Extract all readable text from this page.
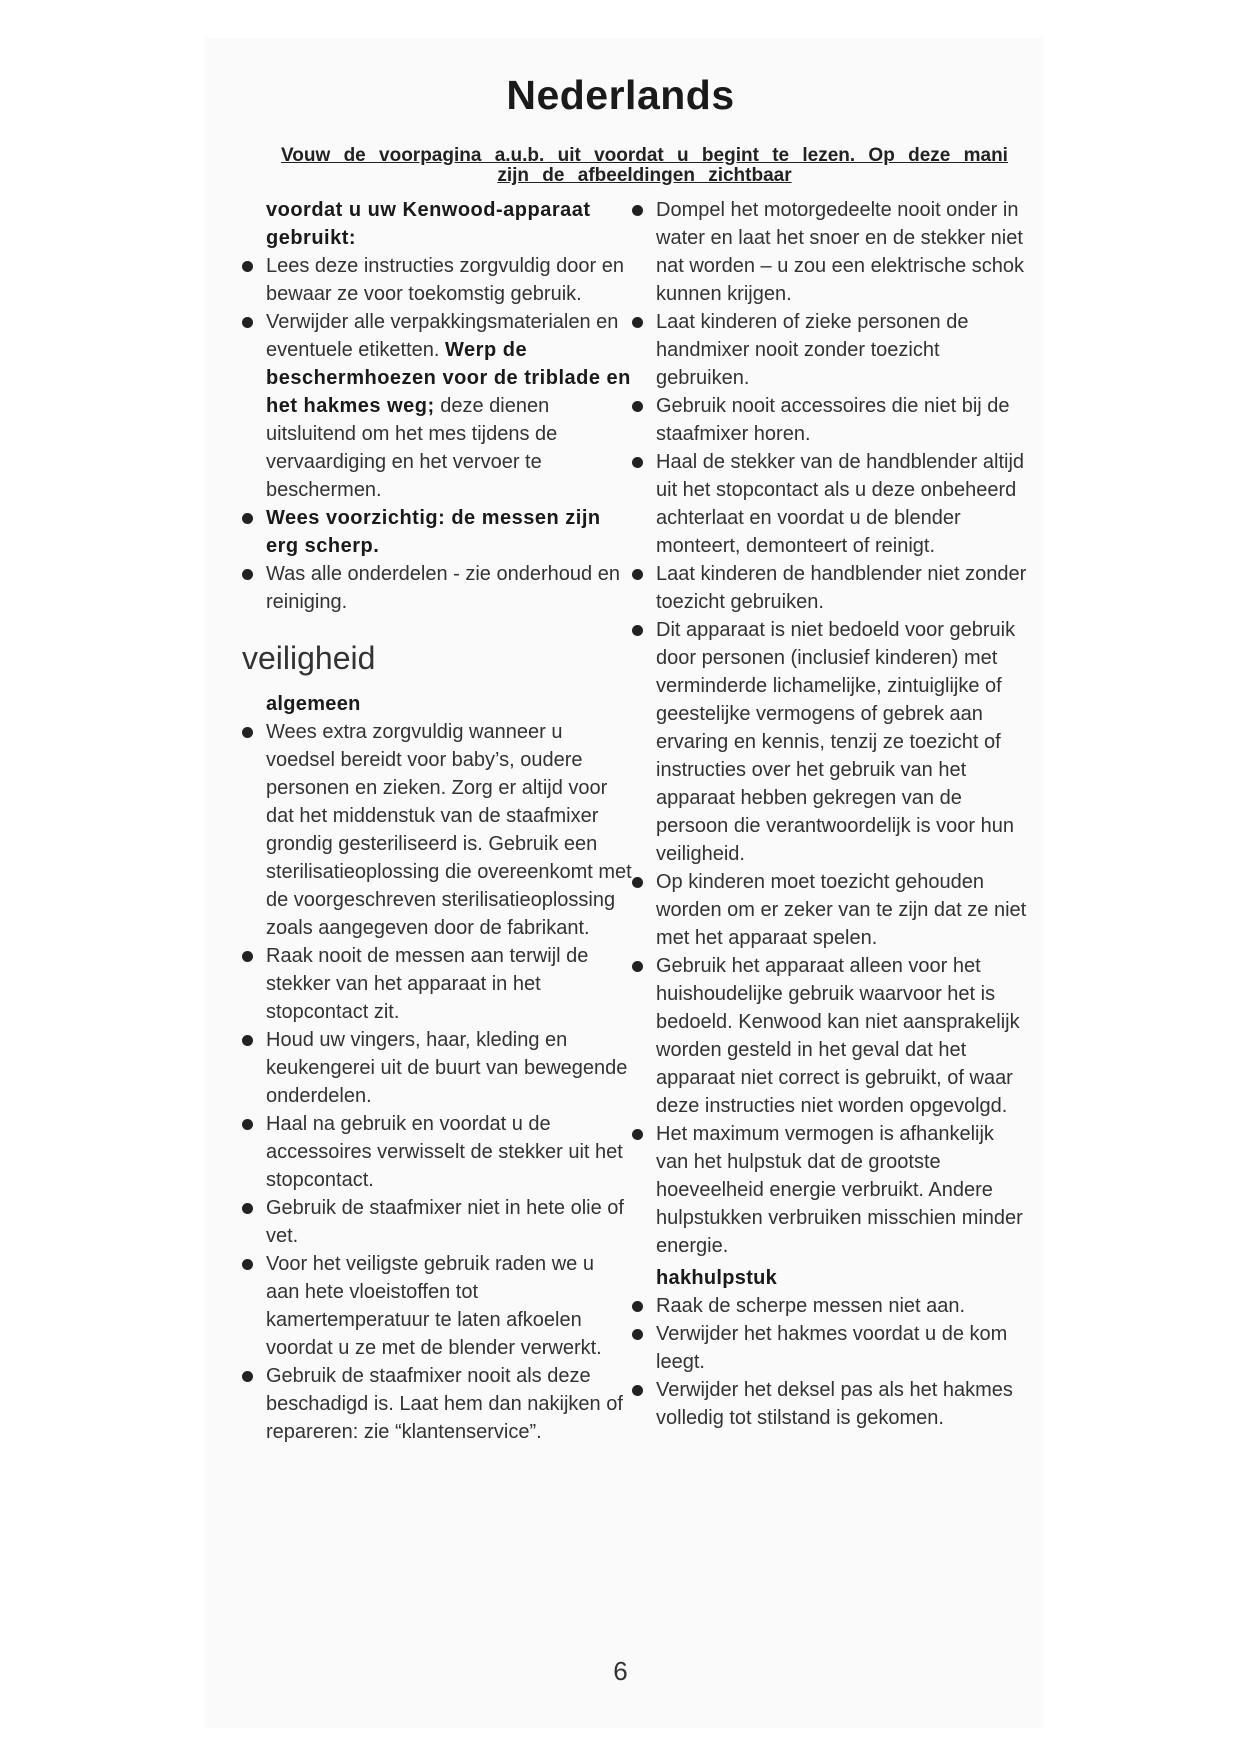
Nederlands
Vouw de voorpagina a.u.b. uit voordat u begint te lezen. Op deze mani
zijn de afbeeldingen zichtbaar

voordat u uw Kenwood-apparaat gebruikt:

Lees deze instructies zorgvuldig door en bewaar ze voor toekomstig gebruik.

Verwijder alle verpakkingsmaterialen en eventuele etiketten. Werp de beschermhoezen voor de triblade en het hakmes weg; deze dienen uitsluitend om het mes tijdens de vervaardiging en het vervoer te beschermen.

Wees voorzichtig: de messen zijn erg scherp.

Was alle onderdelen - zie onderhoud en reiniging.

veiligheid
algemeen

Wees extra zorgvuldig wanneer u voedsel bereidt voor baby’s, oudere personen en zieken. Zorg er altijd voor dat het middenstuk van de staafmixer grondig gesteriliseerd is. Gebruik een sterilisatieoplossing die overeenkomt met de voorgeschreven sterilisatieoplossing zoals aangegeven door de fabrikant.

Raak nooit de messen aan terwijl de stekker van het apparaat in het stopcontact zit.

Houd uw vingers, haar, kleding en keukengerei uit de buurt van bewegende onderdelen.

Haal na gebruik en voordat u de accessoires verwisselt de stekker uit het stopcontact.

Gebruik de staafmixer niet in hete olie of vet.

Voor het veiligste gebruik raden we u aan hete vloeistoffen tot kamertemperatuur te laten afkoelen voordat u ze met de blender verwerkt.

Gebruik de staafmixer nooit als deze beschadigd is. Laat hem dan nakijken of repareren: zie “klantenservice”.

Dompel het motorgedeelte nooit onder in water en laat het snoer en de stekker niet nat worden – u zou een elektrische schok kunnen krijgen.

Laat kinderen of zieke personen de handmixer nooit zonder toezicht gebruiken.

Gebruik nooit accessoires die niet bij de staafmixer horen.

Haal de stekker van de handblender altijd uit het stopcontact als u deze onbeheerd achterlaat en voordat u de blender monteert, demonteert of reinigt.

Laat kinderen de handblender niet zonder toezicht gebruiken.

Dit apparaat is niet bedoeld voor gebruik door personen (inclusief kinderen) met verminderde lichamelijke, zintuiglijke of geestelijke vermogens of gebrek aan ervaring en kennis, tenzij ze toezicht of instructies over het gebruik van het apparaat hebben gekregen van de persoon die verantwoordelijk is voor hun veiligheid.

Op kinderen moet toezicht gehouden worden om er zeker van te zijn dat ze niet met het apparaat spelen.

Gebruik het apparaat alleen voor het huishoudelijke gebruik waarvoor het is bedoeld. Kenwood kan niet aansprakelijk worden gesteld in het geval dat het apparaat niet correct is gebruikt, of waar deze instructies niet worden opgevolgd.

Het maximum vermogen is afhankelijk van het hulpstuk dat de grootste hoeveelheid energie verbruikt. Andere hulpstukken verbruiken misschien minder energie.

hakhulpstuk

Raak de scherpe messen niet aan.

Verwijder het hakmes voordat u de kom leegt.

Verwijder het deksel pas als het hakmes volledig tot stilstand is gekomen.

6
